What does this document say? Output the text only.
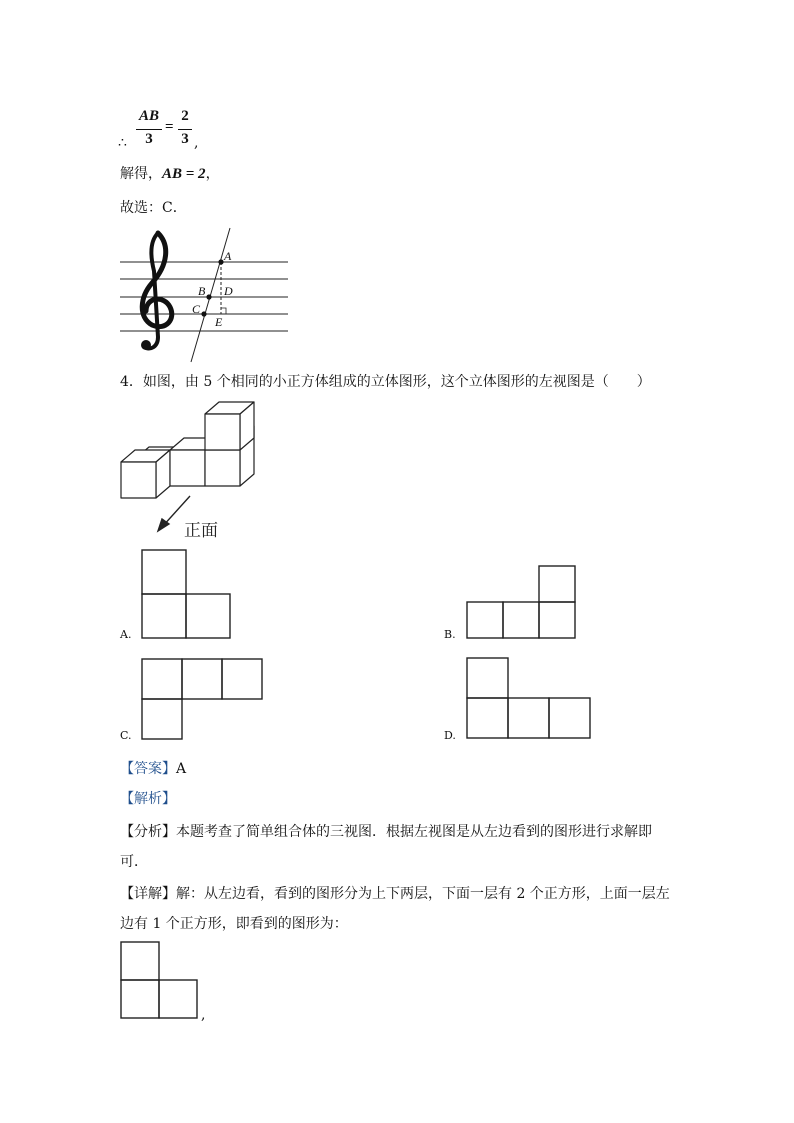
∴
AB
3
=
2
3 ,
解得，AB = 2，
故选：C．
A
B D
C
E
4．如图，由 5 个相同的小正方体组成的立体图形，这个立体图形的左视图是（　　）
正面
A.	B.
C.	D.
【答案】A
【解析】
【分析】本题考查了简单组合体的三视图．根据左视图是从左边看到的图形进行求解即
可．
【详解】解：从左边看，看到的图形分为上下两层，下面一层有 2 个正方形，上面一层左
边有 1 个正方形，即看到的图形为：
,
